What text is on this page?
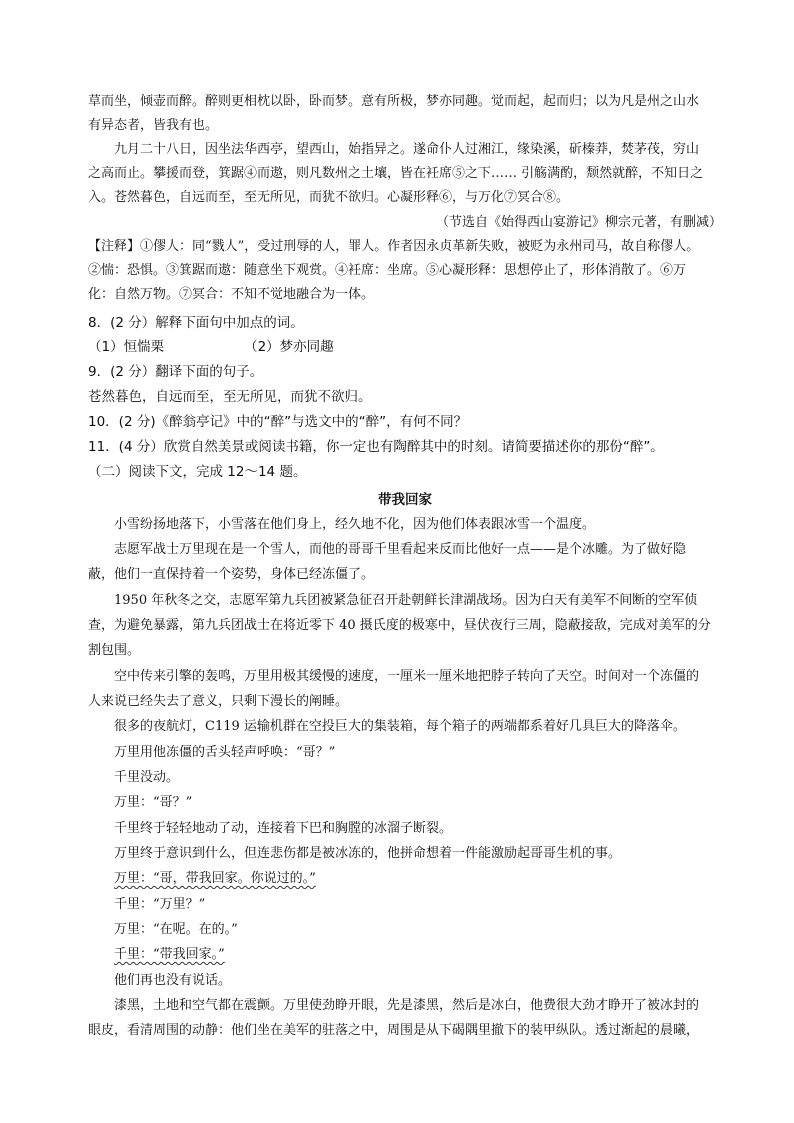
草而坐，倾壶而醉。醉则更相枕以卧，卧而梦。意有所极，梦亦同趣。觉而起，起而归；以为凡是州之山水
有异态者，皆我有也。
九月二十八日，因坐法华西亭，望西山，始指异之。遂命仆人过湘江，缘染溪，斫榛莽，焚茅茷，穷山
之高而止。攀援而登，箕踞④而遨，则凡数州之土壤，皆在衽席⑤之下…… 引觞满酌，颓然就醉，不知日之
入。苍然暮色，自远而至，至无所见，而犹不欲归。心凝形释⑥，与万化⑦冥合⑧。
（节选自《始得西山宴游记》柳宗元著，有删减）
【注释】①僇人：同“戮人”，受过刑辱的人，罪人。作者因永贞革新失败，被贬为永州司马，故自称僇人。
②惴：恐惧。③箕踞而遨：随意坐下观赏。④衽席：坐席。⑤心凝形释：思想停止了，形体消散了。⑥万
化：自然万物。⑦冥合：不知不觉地融合为一体。
8．(2 分）解释下面句中加点的词。
（1）恒惴栗	（2）梦亦同趣
9．(2 分）翻译下面的句子。
苍然暮色，自远而至，至无所见，而犹不欲归。
10．(2 分)《醉翁亭记》中的“醉”与选文中的“醉”，有何不同？
11．(4 分）欣赏自然美景或阅读书籍，你一定也有陶醉其中的时刻。请简要描述你的那份“醉”。
（二）阅读下文，完成 12～14 题。
带我回家
小雪纷扬地落下，小雪落在他们身上，经久地不化，因为他们体表跟冰雪一个温度。
志愿军战士万里现在是一个雪人，而他的哥哥千里看起来反而比他好一点——是个冰雕。为了做好隐
蔽，他们一直保持着一个姿势，身体已经冻僵了。
1950 年秋冬之交，志愿军第九兵团被紧急征召开赴朝鲜长津湖战场。因为白天有美军不间断的空军侦
查，为避免暴露，第九兵团战士在将近零下 40 摄氏度的极寒中，昼伏夜行三周，隐蔽接敌，完成对美军的分
割包围。
空中传来引擎的轰鸣，万里用极其缓慢的速度，一厘米一厘米地把脖子转向了天空。时间对一个冻僵的
人来说已经失去了意义，只剩下漫长的阐睡。
很多的夜航灯，C119 运输机群在空投巨大的集装箱，每个箱子的两端都系着好几具巨大的降落伞。
万里用他冻僵的舌头轻声呼唤：“哥？”
千里没动。
万里：“哥？”
千里终于轻轻地动了动，连接着下巴和胸膛的冰溜子断裂。
万里终于意识到什么，但连悲伤都是被冰冻的，他拼命想着一件能激励起哥哥生机的事。
万里：“哥，带我回家。你说过的。”
千里：“万里？”
万里：“在呢。在的。”
千里：“带我回家。”
他们再也没有说话。
漆黑，土地和空气都在震颤。万里使劲睁开眼，先是漆黑，然后是冰白，他费很大劲才睁开了被冰封的
眼皮，看清周围的动静：他们坐在美军的驻落之中，周围是从下碣隅里撤下的装甲纵队。透过渐起的晨曦，
